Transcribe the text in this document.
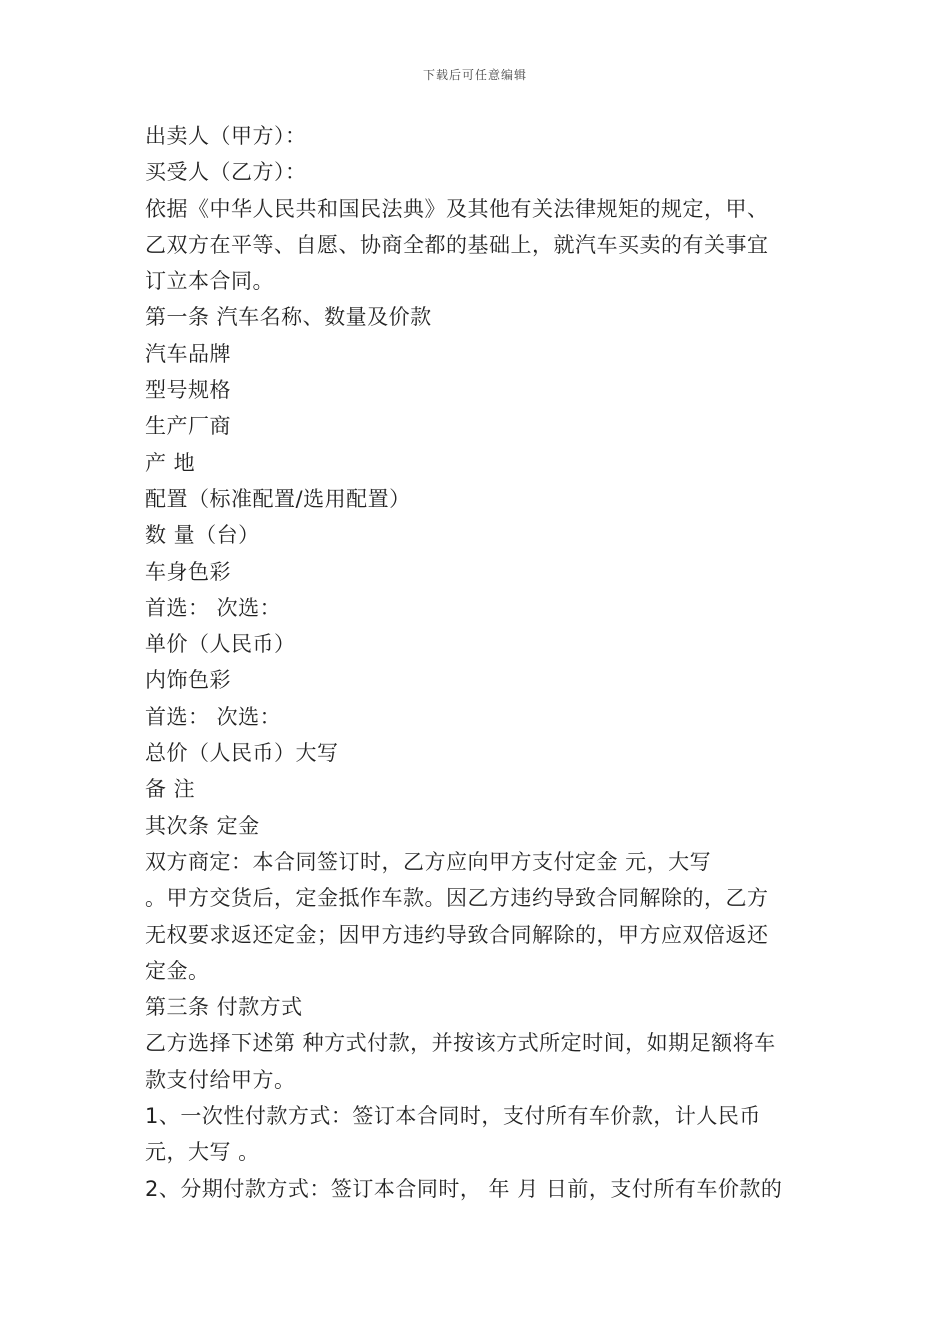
下载后可任意编辑
出卖人（甲方）：
买受人（乙方）：
依据《中华人民共和国民法典》及其他有关法律规矩的规定，甲、
乙双方在平等、自愿、协商全都的基础上，就汽车买卖的有关事宜
订立本合同。
第一条 汽车名称、数量及价款
汽车品牌
型号规格
生产厂商
产 地
配置（标准配置/选用配置）
数 量（台）
车身色彩
首选： 次选：
单价（人民币）
内饰色彩
首选： 次选：
总价（人民币）大写
备 注
其次条 定金
双方商定：本合同签订时，乙方应向甲方支付定金 元，大写
。甲方交货后，定金抵作车款。因乙方违约导致合同解除的，乙方
无权要求返还定金；因甲方违约导致合同解除的，甲方应双倍返还
定金。
第三条 付款方式
乙方选择下述第 种方式付款，并按该方式所定时间，如期足额将车
款支付给甲方。
1、一次性付款方式：签订本合同时，支付所有车价款，计人民币
元，大写 。
2、分期付款方式：签订本合同时， 年 月 日前，支付所有车价款的
